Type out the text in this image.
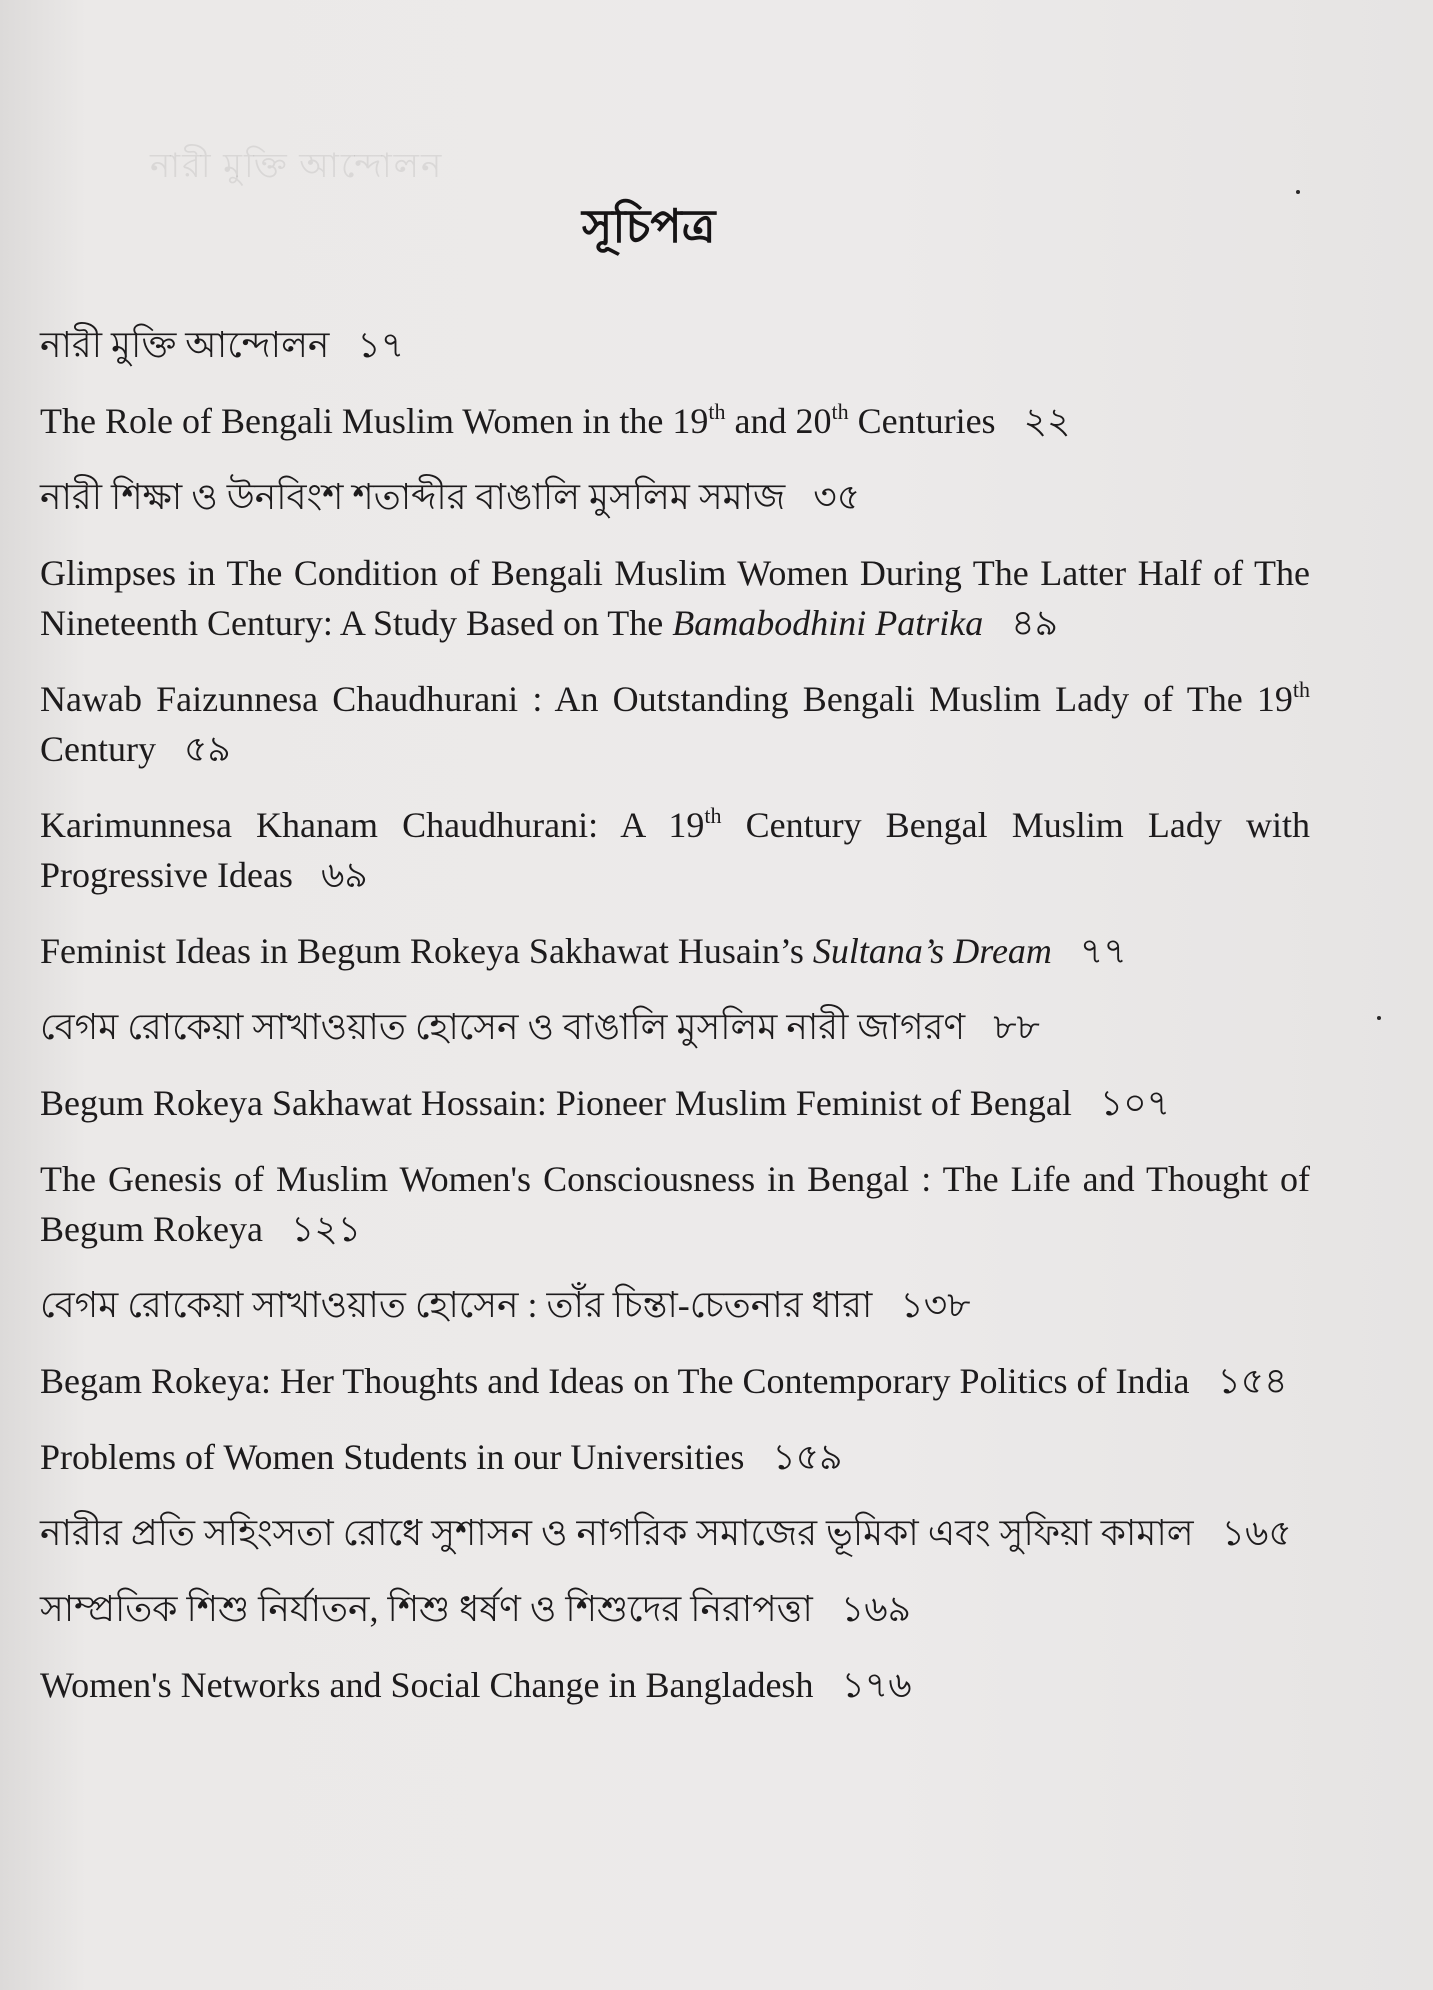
নারী মুক্তি আন্দোলন
সূচিপত্র
নারী মুক্তি আন্দোলন ১৭
The Role of Bengali Muslim Women in the 19th and 20th Centuries ২২
নারী শিক্ষা ও উনবিংশ শতাব্দীর বাঙালি মুসলিম সমাজ ৩৫
Glimpses in The Condition of Bengali Muslim Women During The Latter Half of The Nineteenth Century: A Study Based on The Bamabodhini Patrika ৪৯
Nawab Faizunnesa Chaudhurani : An Outstanding Bengali Muslim Lady of The 19th Century ৫৯
Karimunnesa Khanam Chaudhurani: A 19th Century Bengal Muslim Lady with Progressive Ideas ৬৯
Feminist Ideas in Begum Rokeya Sakhawat Husain’s Sultana’s Dream ৭৭
বেগম রোকেয়া সাখাওয়াত হোসেন ও বাঙালি মুসলিম নারী জাগরণ ৮৮
Begum Rokeya Sakhawat Hossain: Pioneer Muslim Feminist of Bengal ১০৭
The Genesis of Muslim Women's Consciousness in Bengal : The Life and Thought of Begum Rokeya ১২১
বেগম রোকেয়া সাখাওয়াত হোসেন : তাঁর চিন্তা-চেতনার ধারা ১৩৮
Begam Rokeya: Her Thoughts and Ideas on The Contemporary Politics of India ১৫৪
Problems of Women Students in our Universities ১৫৯
নারীর প্রতি সহিংসতা রোধে সুশাসন ও নাগরিক সমাজের ভূমিকা এবং সুফিয়া কামাল ১৬৫
সাম্প্রতিক শিশু নির্যাতন, শিশু ধর্ষণ ও শিশুদের নিরাপত্তা ১৬৯
Women's Networks and Social Change in Bangladesh ১৭৬
